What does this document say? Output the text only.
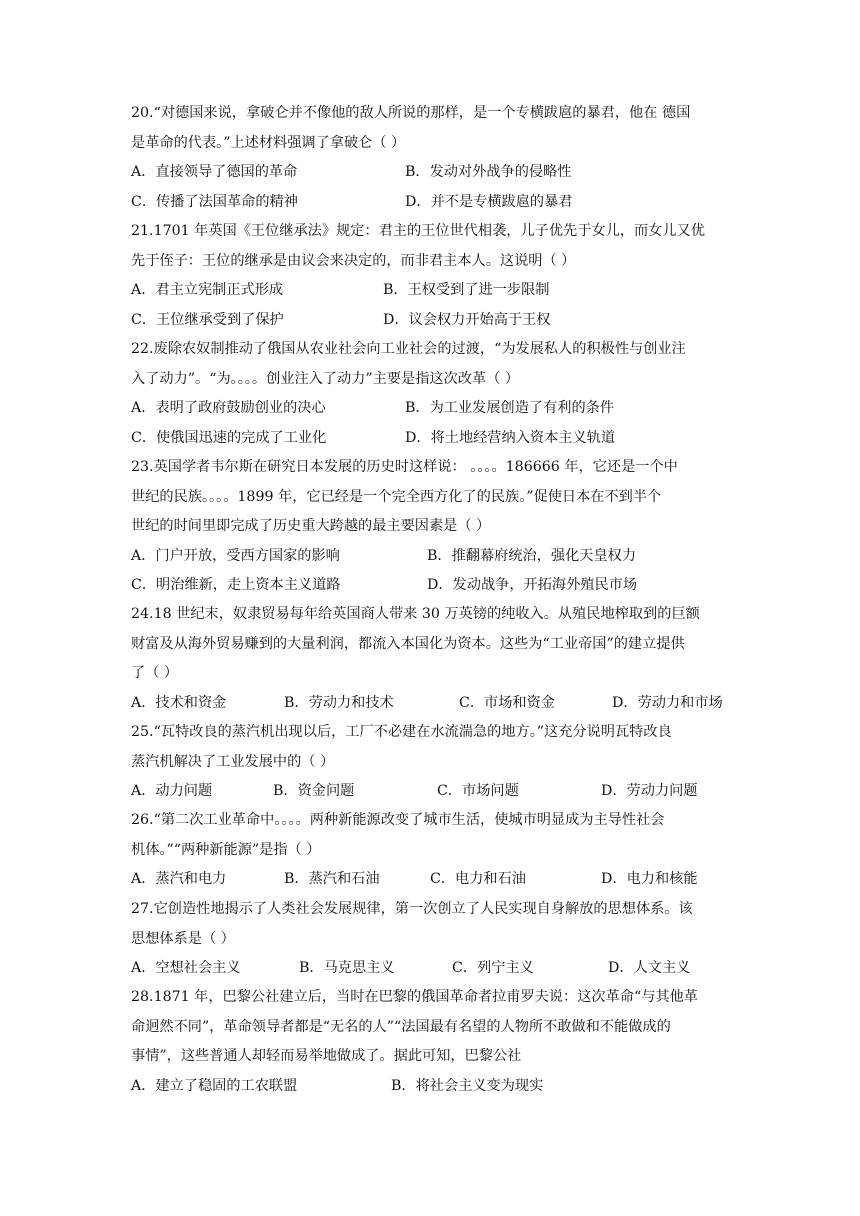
20.“对德国来说，拿破仑并不像他的敌人所说的那样，是一个专横跋扈的暴君，他在 德国
是革命的代表。”上述材料强调了拿破仑（ ）
A．直接领导了德国的革命	B．发动对外战争的侵略性
C．传播了法国革命的精神	D．并不是专横跋扈的暴君
21.1701 年英国《王位继承法》规定：君主的王位世代相袭，儿子优先于女儿，而女儿又优
先于侄子：王位的继承是由议会来决定的，而非君主本人。这说明（ ）
A．君主立宪制正式形成	B．王权受到了进一步限制
C．王位继承受到了保护	D．议会权力开始高于王权
22.废除农奴制推动了俄国从农业社会向工业社会的过渡，“为发展私人的积极性与创业注
入了动力”。“为。。。。创业注入了动力”主要是指这次改革（ ）
A．表明了政府鼓励创业的决心	B．为工业发展创造了有利的条件
C．使俄国迅速的完成了工业化	D．将土地经营纳入资本主义轨道
23.英国学者韦尔斯在研究日本发展的历史时这样说： 。。。。186666 年，它还是一个中
世纪的民族。。。。1899 年，它已经是一个完全西方化了的民族。”促使日本在不到半个
世纪的时间里即完成了历史重大跨越的最主要因素是（ ）
A．门户开放，受西方国家的影响	B．推翻幕府统治，强化天皇权力
C．明治维新，走上资本主义道路	D．发动战争，开拓海外殖民市场
24.18 世纪末，奴隶贸易每年给英国商人带来 30 万英镑的纯收入。从殖民地榨取到的巨额
财富及从海外贸易赚到的大量利润，都流入本国化为资本。这些为“工业帝国”的建立提供
了（ ）
A．技术和资金	B．劳动力和技术	C．市场和资金	D．劳动力和市场
25.“瓦特改良的蒸汽机出现以后，工厂不必建在水流湍急的地方。”这充分说明瓦特改良
蒸汽机解决了工业发展中的（ ）
A．动力问题	B．资金问题	C．市场问题	D．劳动力问题
26.“第二次工业革命中。。。。两种新能源改变了城市生活，使城市明显成为主导性社会
机体。”“两种新能源”是指（ ）
A．蒸汽和电力	B．蒸汽和石油	C．电力和石油	D．电力和核能
27.它创造性地揭示了人类社会发展规律，第一次创立了人民实现自身解放的思想体系。该
思想体系是（ ）
A．空想社会主义	B．马克思主义	C．列宁主义	D．人文主义
28.1871 年，巴黎公社建立后，当时在巴黎的俄国革命者拉甫罗夫说：这次革命“与其他革
命迥然不同”，革命领导者都是“无名的人”“法国最有名望的人物所不敢做和不能做成的
事情”，这些普通人却轻而易举地做成了。据此可知，巴黎公社
A．建立了稳固的工农联盟	B．将社会主义变为现实
